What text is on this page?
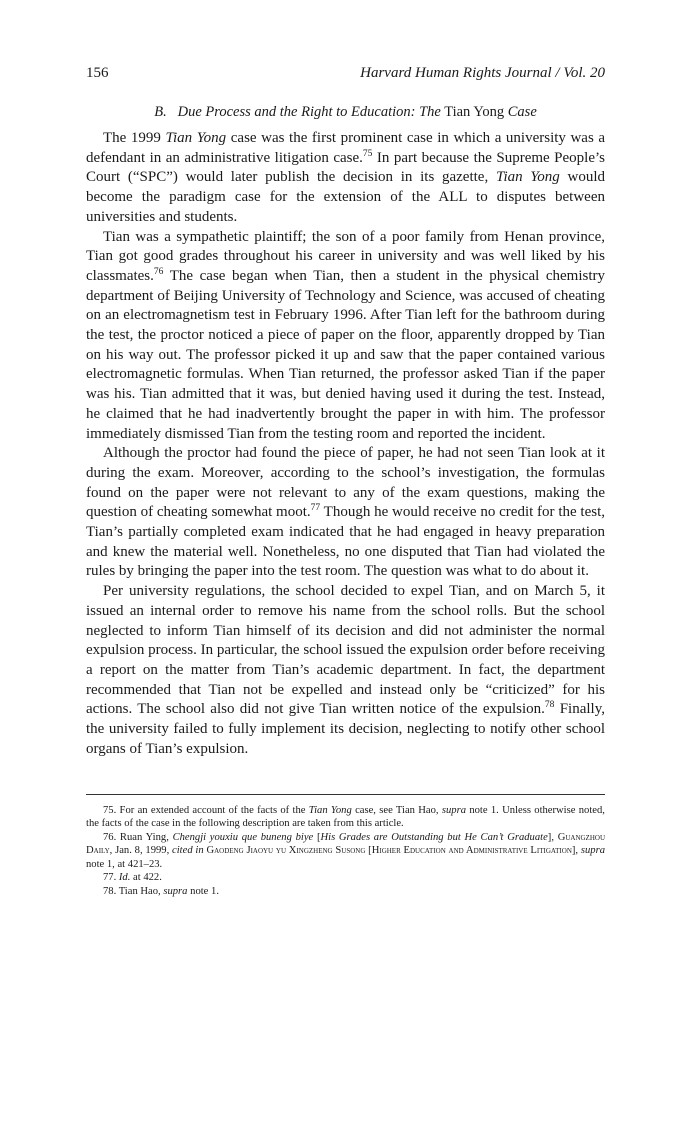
156	Harvard Human Rights Journal / Vol. 20
B. Due Process and the Right to Education: The Tian Yong Case

The 1999 Tian Yong case was the first prominent case in which a university was a defendant in an administrative litigation case.$^{75}$ In part because the Supreme People’s Court (“SPC”) would later publish the decision in its gazette, Tian Yong would become the paradigm case for the extension of the ALL to disputes between universities and students.

Tian was a sympathetic plaintiff; the son of a poor family from Henan province, Tian got good grades throughout his career in university and was well liked by his classmates.$^{76}$ The case began when Tian, then a student in the physical chemistry department of Beijing University of Technology and Science, was accused of cheating on an electromagnetism test in February 1996. After Tian left for the bathroom during the test, the proctor noticed a piece of paper on the floor, apparently dropped by Tian on his way out. The professor picked it up and saw that the paper contained various electromagnetic formulas. When Tian returned, the professor asked Tian if the paper was his. Tian admitted that it was, but denied having used it during the test. Instead, he claimed that he had inadvertently brought the paper in with him. The professor immediately dismissed Tian from the testing room and reported the incident.

Although the proctor had found the piece of paper, he had not seen Tian look at it during the exam. Moreover, according to the school’s investigation, the formulas found on the paper were not relevant to any of the exam questions, making the question of cheating somewhat moot.$^{77}$ Though he would receive no credit for the test, Tian’s partially completed exam indicated that he had engaged in heavy preparation and knew the material well. Nonetheless, no one disputed that Tian had violated the rules by bringing the paper into the test room. The question was what to do about it.

Per university regulations, the school decided to expel Tian, and on March 5, it issued an internal order to remove his name from the school rolls. But the school neglected to inform Tian himself of its decision and did not administer the normal expulsion process. In particular, the school issued the expulsion order before receiving a report on the matter from Tian’s academic department. In fact, the department recommended that Tian not be expelled and instead only be “criticized” for his actions. The school also did not give Tian written notice of the expulsion.$^{78}$ Finally, the university failed to fully implement its decision, neglecting to notify other school organs of Tian’s expulsion.

75. For an extended account of the facts of the Tian Yong case, see Tian Hao, supra note 1. Unless otherwise noted, the facts of the case in the following description are taken from this article.

76. Ruan Ying, Chengji youxiu que buneng biye [His Grades are Outstanding but He Can’t Graduate], Guangzhou Daily, Jan. 8, 1999, cited in Gaodeng Jiaoyu yu Xingzheng Susong [Higher Education and Administrative Litigation], supra note 1, at 421–23.

77. Id. at 422.

78. Tian Hao, supra note 1.
